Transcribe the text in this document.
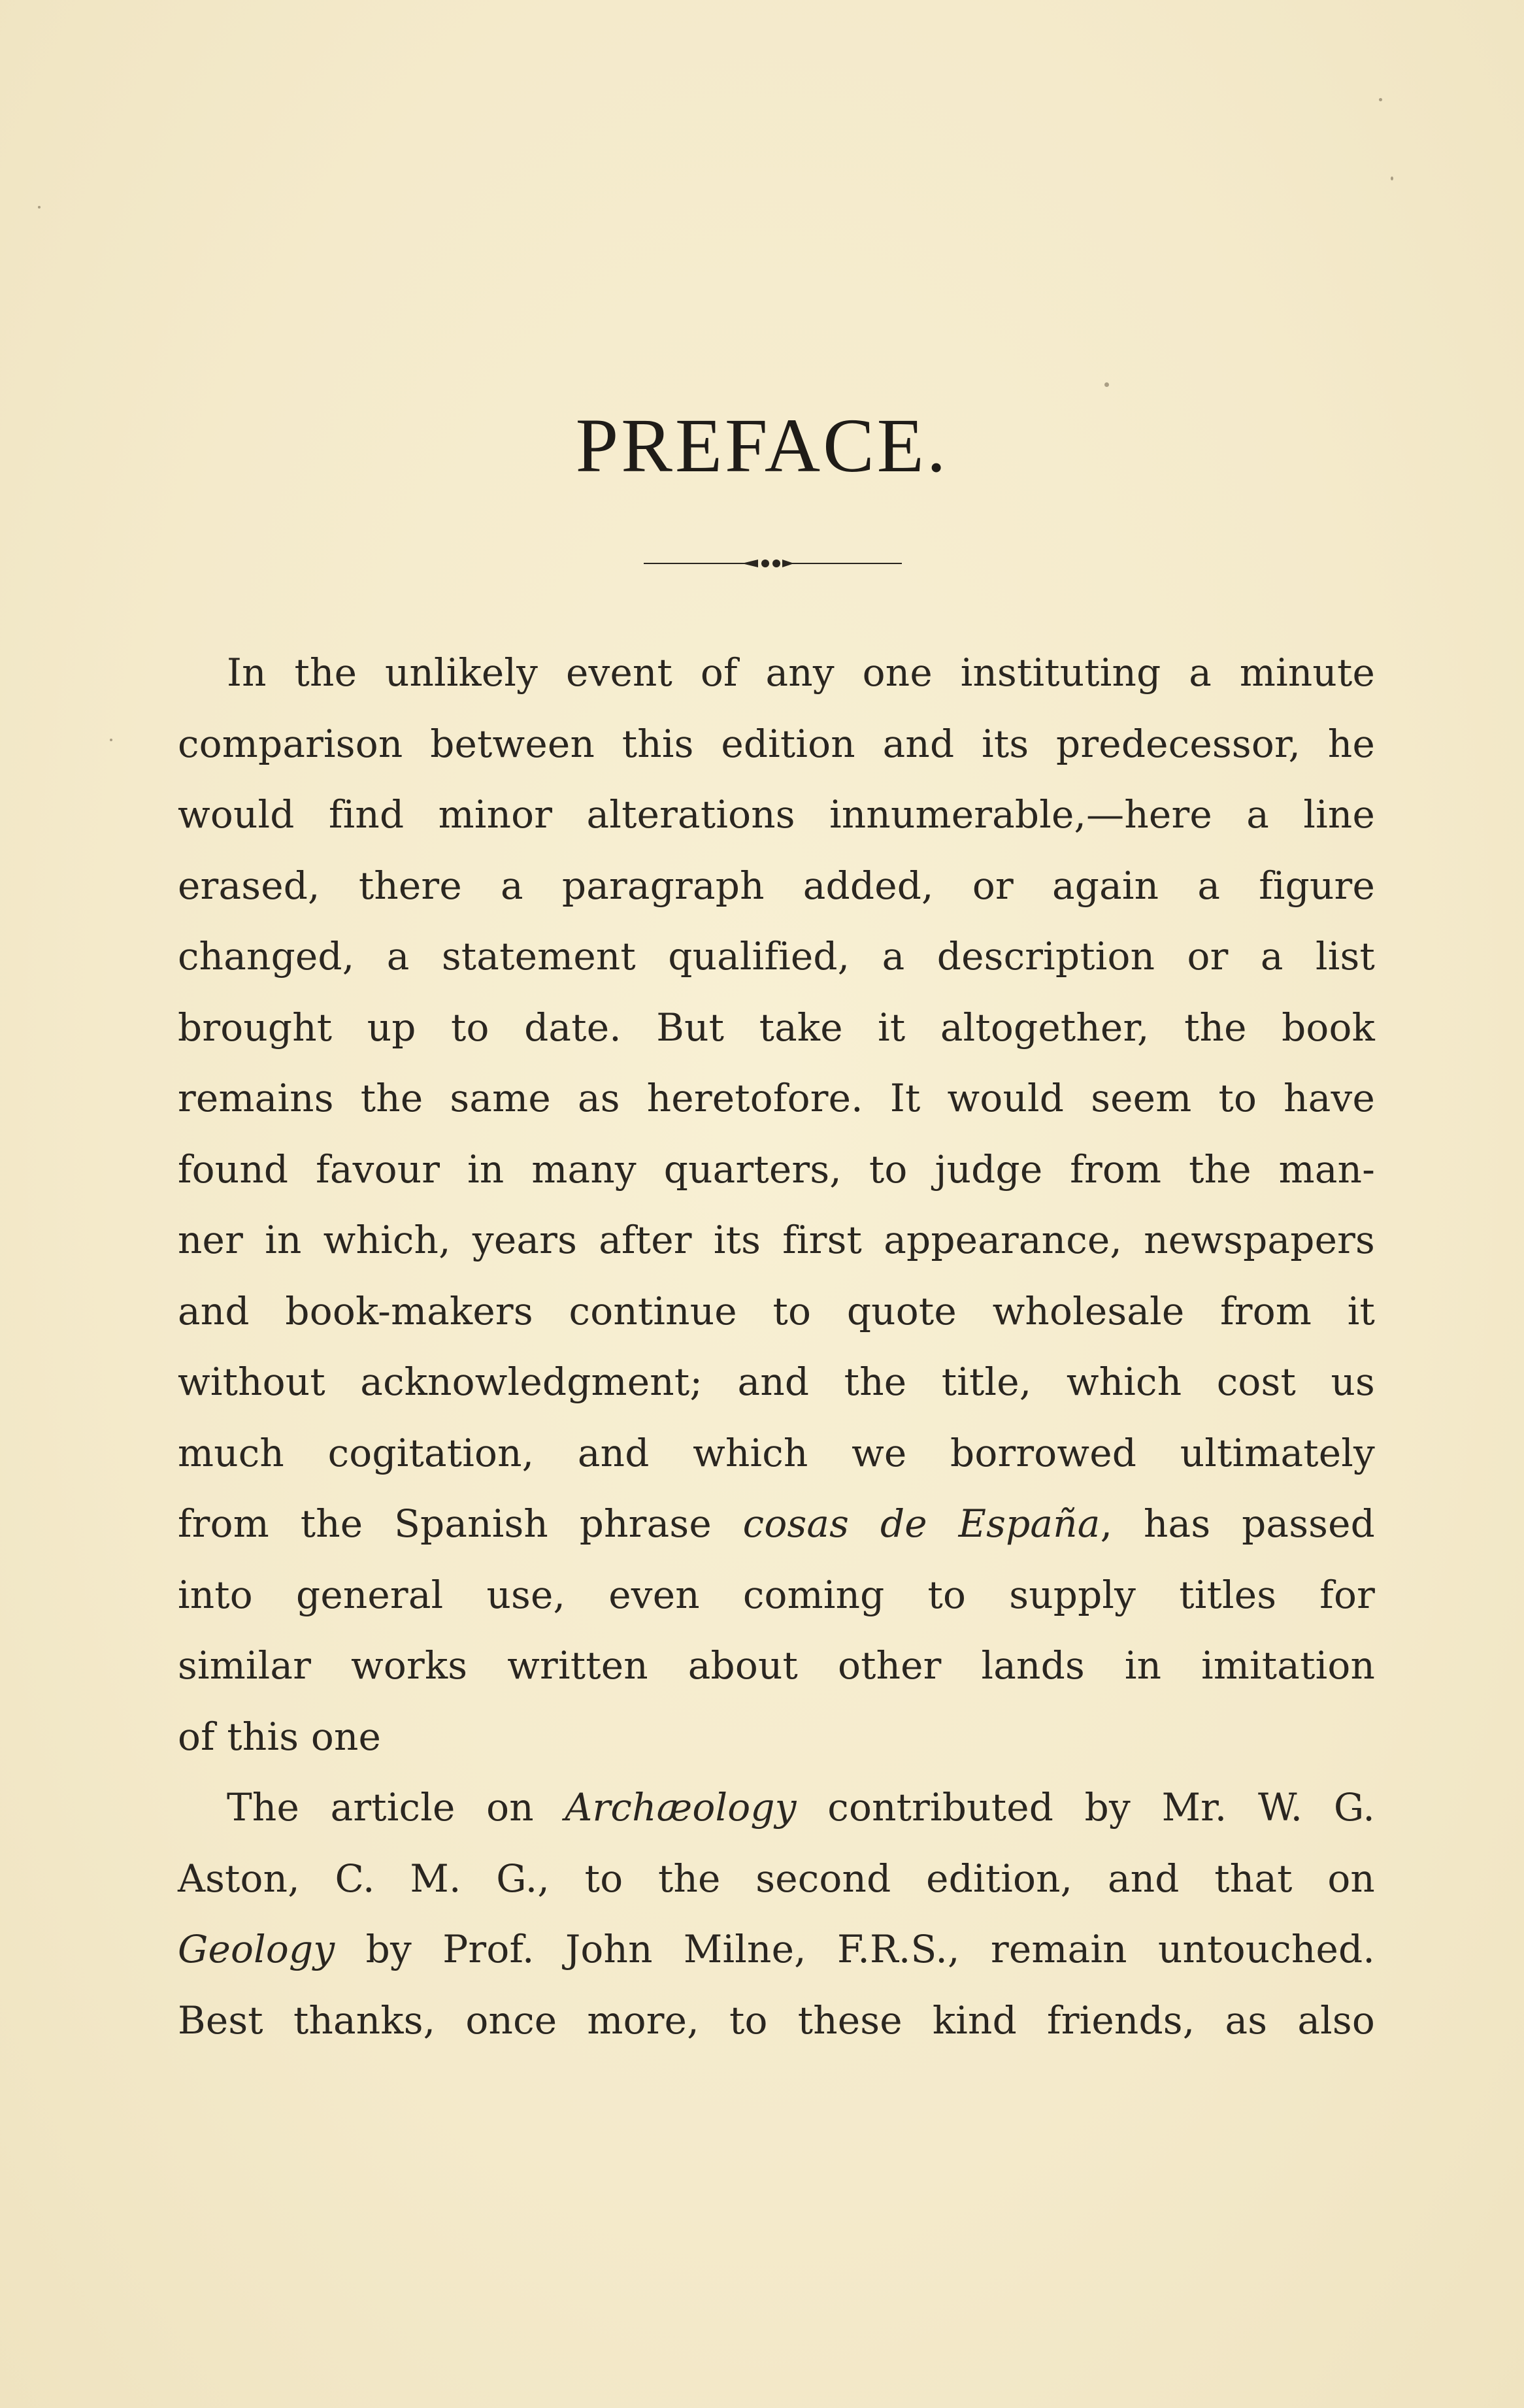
PREFACE.
In the unlikely event of any one instituting a minute
comparison between this edition and its predecessor, he
would find minor alterations innumerable,—here a line
erased, there a paragraph added, or again a figure
changed, a statement qualified, a description or a list
brought up to date. But take it altogether, the book
remains the same as heretofore. It would seem to have
found favour in many quarters, to judge from the man-
ner in which, years after its first appearance, newspapers
and book-makers continue to quote wholesale from it
without acknowledgment; and the title, which cost us
much cogitation, and which we borrowed ultimately
from the Spanish phrase cosas de España, has passed
into general use, even coming to supply titles for
similar works written about other lands in imitation
of this one
The article on Archæology contributed by Mr. W. G.
Aston, C. M. G., to the second edition, and that on
Geology by Prof. John Milne, F.R.S., remain untouched.
Best thanks, once more, to these kind friends, as also
